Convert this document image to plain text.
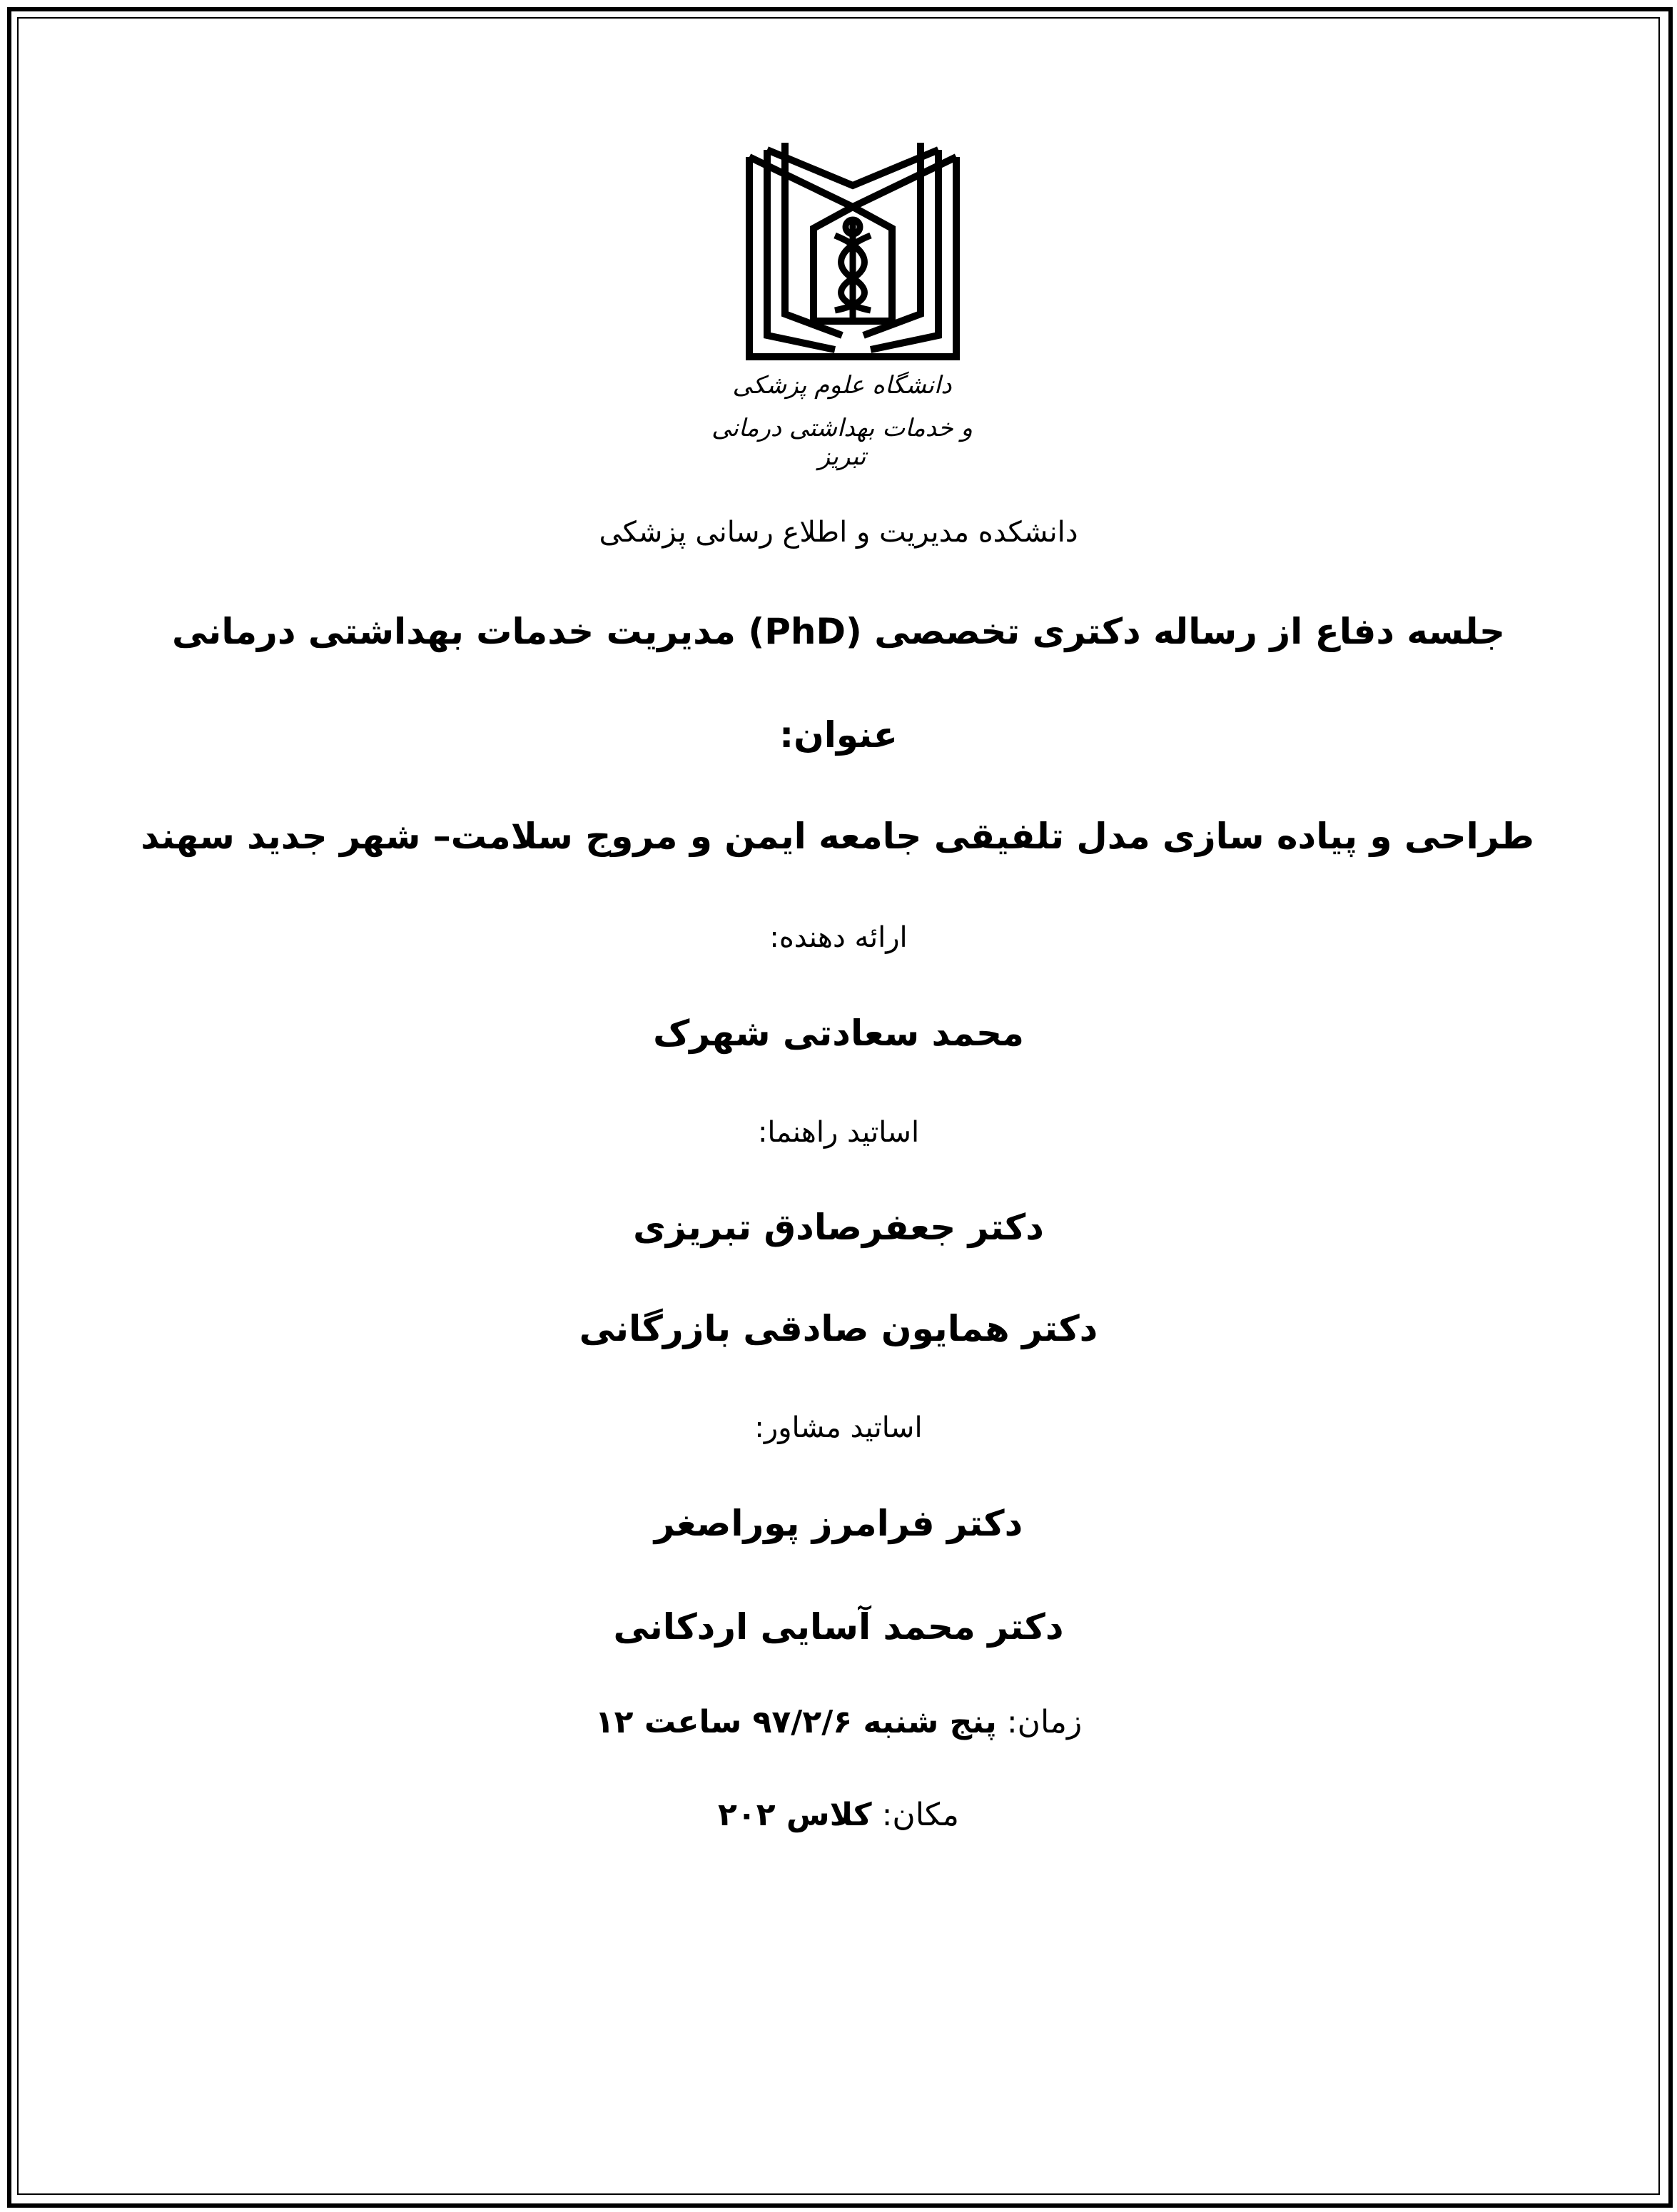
دانشگاه علوم پزشکی
و خدمات بهداشتی درمانی تبریز
دانشکده مدیریت و اطلاع رسانی پزشکی
جلسه دفاع از رساله دکتری تخصصی (PhD) مدیریت خدمات بهداشتی درمانی
عنوان:
طراحی و پیاده سازی مدل تلفیقی جامعه ایمن و مروج سلامت– شهر جدید سهند
ارائه دهنده:
محمد سعادتی شهرک
اساتید راهنما:
دکتر جعفرصادق تبریزی
دکتر همایون صادقی بازرگانی
اساتید مشاور:
دکتر فرامرز پوراصغر
دکتر محمد آسایی اردکانی
زمان: پنج شنبه ۹۷/۲/۶ ساعت ۱۲
مکان: کلاس ۲۰۲
